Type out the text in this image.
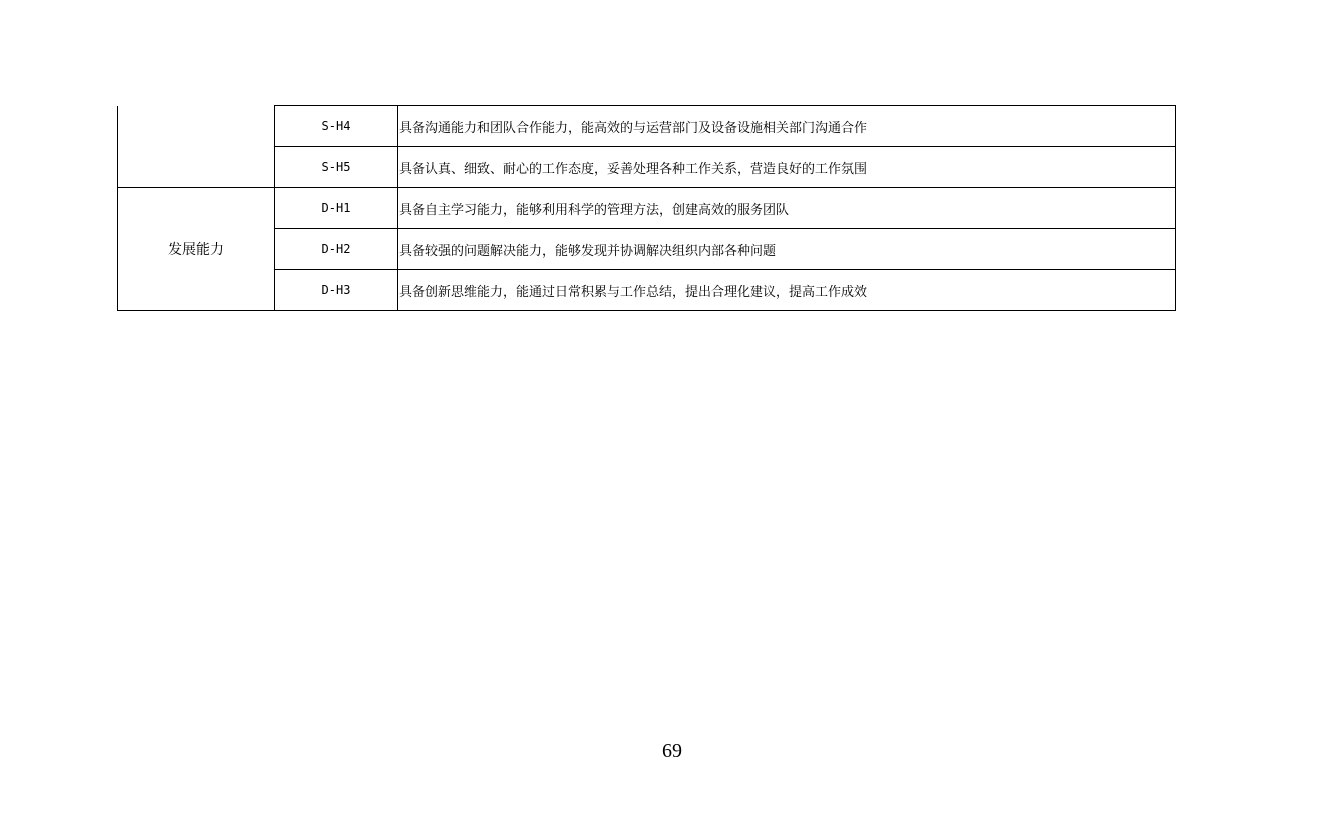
	S-H4	具备沟通能力和团队合作能力，能高效的与运营部门及设备设施相关部门沟通合作
	S-H5	具备认真、细致、耐心的工作态度，妥善处理各种工作关系，营造良好的工作氛围
发展能力	D-H1	具备自主学习能力，能够利用科学的管理方法，创建高效的服务团队
	D-H2	具备较强的问题解决能力，能够发现并协调解决组织内部各种问题
	D-H3	具备创新思维能力，能通过日常积累与工作总结，提出合理化建议，提高工作成效
69
